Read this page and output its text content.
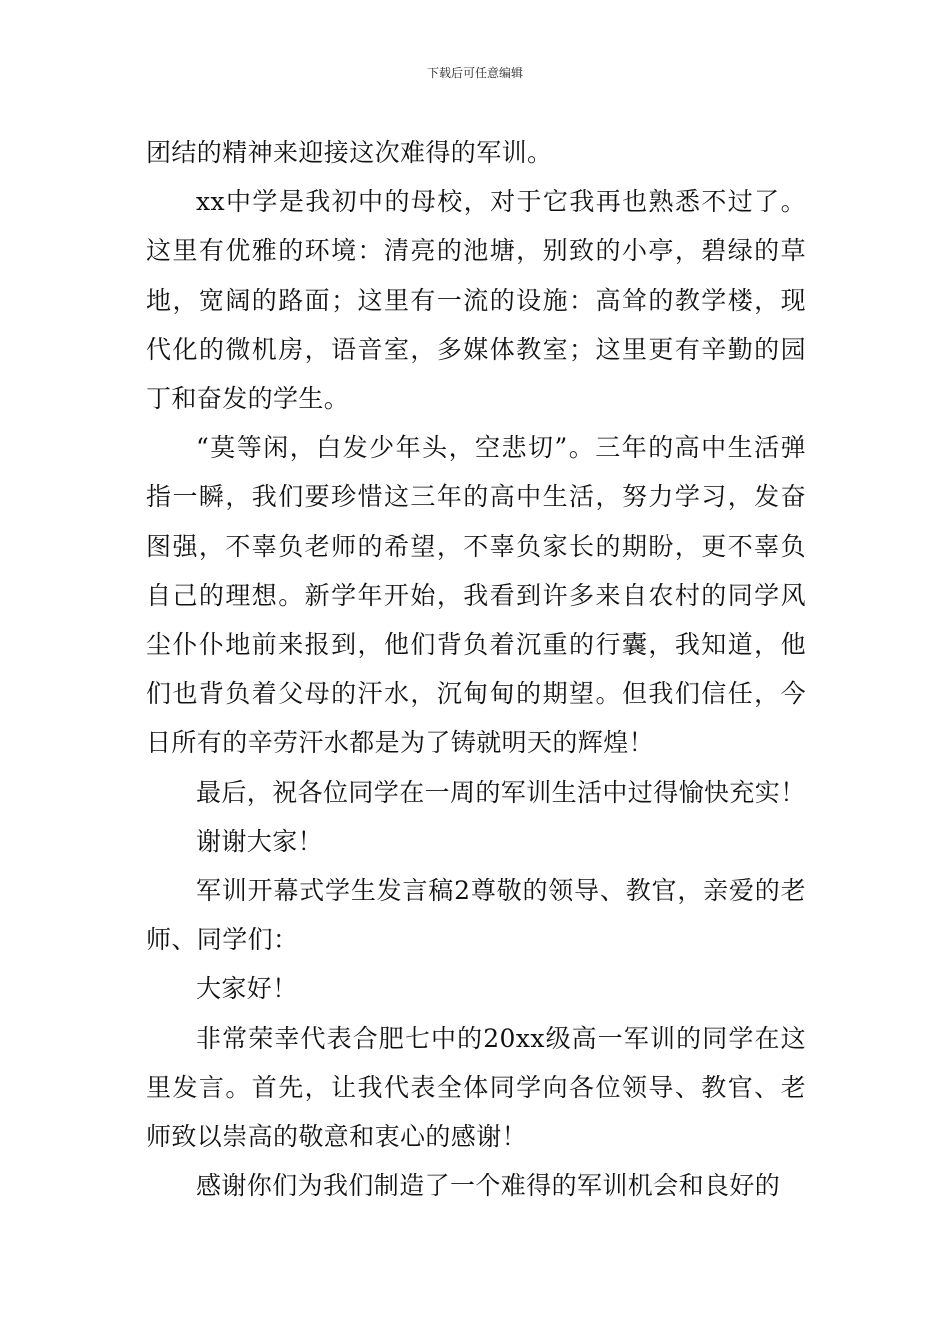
下载后可任意编辑

团结的精神来迎接这次难得的军训。

xx中学是我初中的母校，对于它我再也熟悉不过了。这里有优雅的环境：清亮的池塘，别致的小亭，碧绿的草地，宽阔的路面；这里有一流的设施：高耸的教学楼，现代化的微机房，语音室，多媒体教室；这里更有辛勤的园丁和奋发的学生。

“莫等闲，白发少年头，空悲切”。三年的高中生活弹指一瞬，我们要珍惜这三年的高中生活，努力学习，发奋图强，不辜负老师的希望，不辜负家长的期盼，更不辜负自己的理想。新学年开始，我看到许多来自农村的同学风尘仆仆地前来报到，他们背负着沉重的行囊，我知道，他们也背负着父母的汗水，沉甸甸的期望。但我们信任，今日所有的辛劳汗水都是为了铸就明天的辉煌！

最后，祝各位同学在一周的军训生活中过得愉快充实！

谢谢大家！

军训开幕式学生发言稿2尊敬的领导、教官，亲爱的老师、同学们：

大家好！

非常荣幸代表合肥七中的20xx级高一军训的同学在这里发言。首先，让我代表全体同学向各位领导、教官、老师致以崇高的敬意和衷心的感谢！

感谢你们为我们制造了一个难得的军训机会和良好的
